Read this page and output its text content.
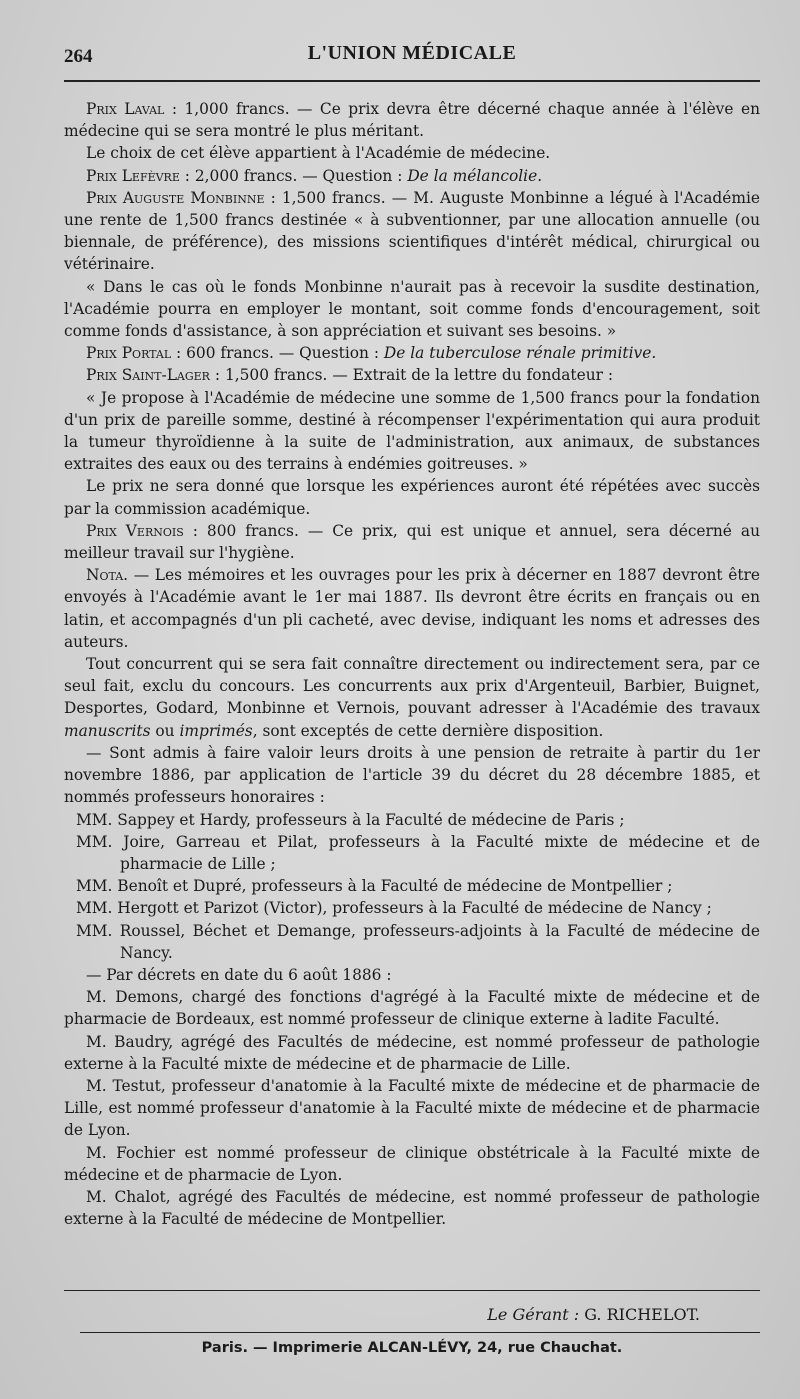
264	L'UNION MÉDICALE

Prix Laval : 1,000 francs. — Ce prix devra être décerné chaque année à l'élève en médecine qui se sera montré le plus méritant.

Le choix de cet élève appartient à l'Académie de médecine.

Prix Lefèvre : 2,000 francs. — Question : De la mélancolie.

Prix Auguste Monbinne : 1,500 francs. — M. Auguste Monbinne a légué à l'Académie une rente de 1,500 francs destinée « à subventionner, par une allocation annuelle (ou biennale, de préférence), des missions scientifiques d'intérêt médical, chirurgical ou vétérinaire.

« Dans le cas où le fonds Monbinne n'aurait pas à recevoir la susdite destination, l'Académie pourra en employer le montant, soit comme fonds d'encouragement, soit comme fonds d'assistance, à son appréciation et suivant ses besoins. »

Prix Portal : 600 francs. — Question : De la tuberculose rénale primitive.

Prix Saint-Lager : 1,500 francs. — Extrait de la lettre du fondateur :

« Je propose à l'Académie de médecine une somme de 1,500 francs pour la fondation d'un prix de pareille somme, destiné à récompenser l'expérimentation qui aura produit la tumeur thyroïdienne à la suite de l'administration, aux animaux, de substances extraites des eaux ou des terrains à endémies goitreuses. »

Le prix ne sera donné que lorsque les expériences auront été répétées avec succès par la commission académique.

Prix Vernois : 800 francs. — Ce prix, qui est unique et annuel, sera décerné au meilleur travail sur l'hygiène.

Nota. — Les mémoires et les ouvrages pour les prix à décerner en 1887 devront être envoyés à l'Académie avant le 1er mai 1887. Ils devront être écrits en français ou en latin, et accompagnés d'un pli cacheté, avec devise, indiquant les noms et adresses des auteurs.

Tout concurrent qui se sera fait connaître directement ou indirectement sera, par ce seul fait, exclu du concours. Les concurrents aux prix d'Argenteuil, Barbier, Buignet, Desportes, Godard, Monbinne et Vernois, pouvant adresser à l'Académie des travaux manuscrits ou imprimés, sont exceptés de cette dernière disposition.

— Sont admis à faire valoir leurs droits à une pension de retraite à partir du 1er novembre 1886, par application de l'article 39 du décret du 28 décembre 1885, et nommés professeurs honoraires :

MM. Sappey et Hardy, professeurs à la Faculté de médecine de Paris ;

MM. Joire, Garreau et Pilat, professeurs à la Faculté mixte de médecine et de pharmacie de Lille ;

MM. Benoît et Dupré, professeurs à la Faculté de médecine de Montpellier ;

MM. Hergott et Parizot (Victor), professeurs à la Faculté de médecine de Nancy ;

MM. Roussel, Béchet et Demange, professeurs-adjoints à la Faculté de médecine de Nancy.

— Par décrets en date du 6 août 1886 :

M. Demons, chargé des fonctions d'agrégé à la Faculté mixte de médecine et de pharmacie de Bordeaux, est nommé professeur de clinique externe à ladite Faculté.

M. Baudry, agrégé des Facultés de médecine, est nommé professeur de pathologie externe à la Faculté mixte de médecine et de pharmacie de Lille.

M. Testut, professeur d'anatomie à la Faculté mixte de médecine et de pharmacie de Lille, est nommé professeur d'anatomie à la Faculté mixte de médecine et de pharmacie de Lyon.

M. Fochier est nommé professeur de clinique obstétricale à la Faculté mixte de médecine et de pharmacie de Lyon.

M. Chalot, agrégé des Facultés de médecine, est nommé professeur de pathologie externe à la Faculté de médecine de Montpellier.

Le Gérant : G. RICHELOT.
Paris. — Imprimerie ALCAN-LÉVY, 24, rue Chauchat.
